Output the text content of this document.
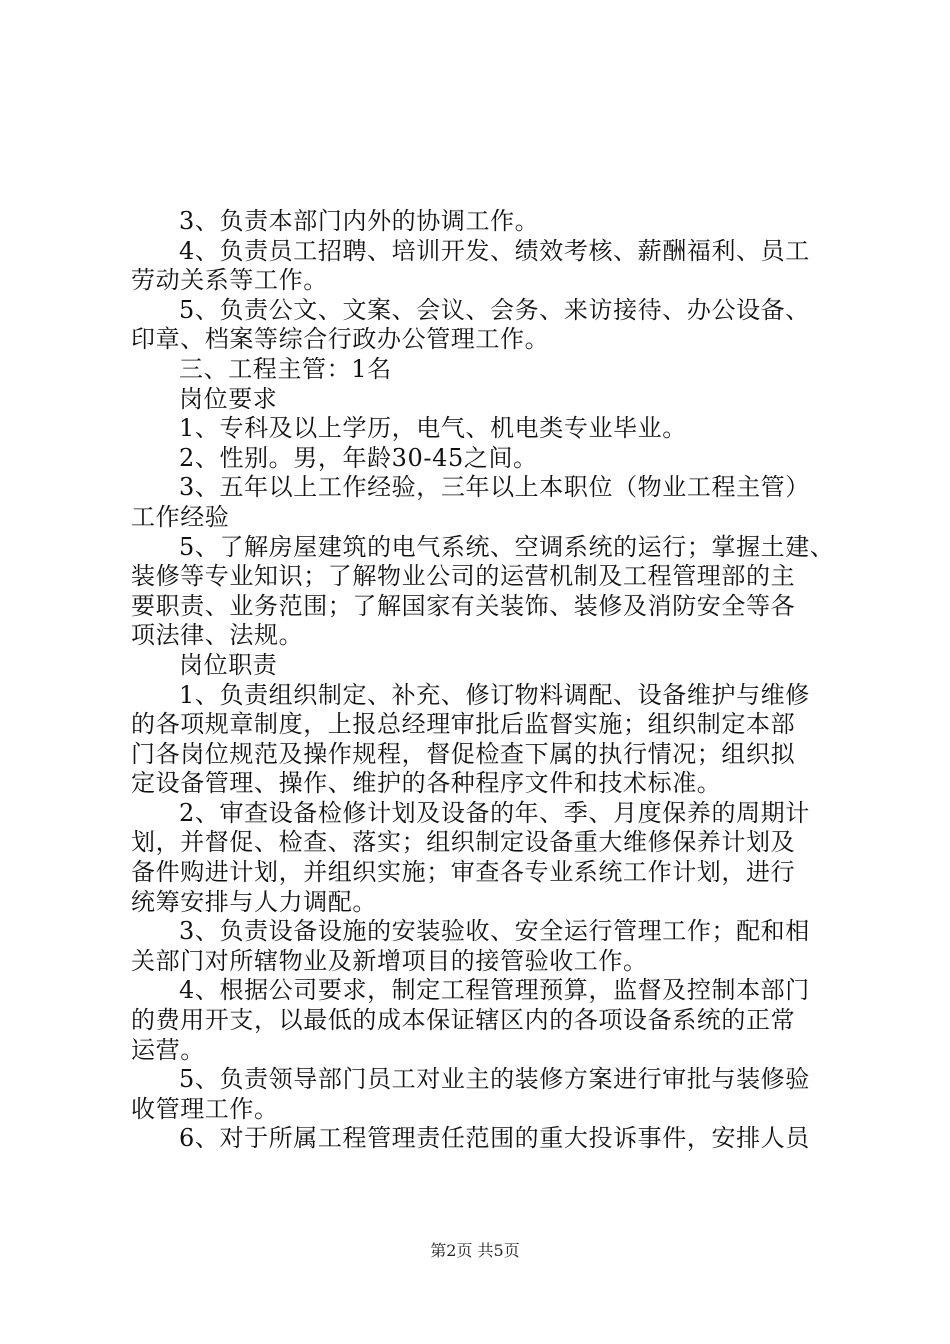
3、负责本部门内外的协调工作。
4、负责员工招聘、培训开发、绩效考核、薪酬福利、员工
劳动关系等工作。
5、负责公文、文案、会议、会务、来访接待、办公设备、
印章、档案等综合行政办公管理工作。
三、工程主管：1名
岗位要求
1、专科及以上学历，电气、机电类专业毕业。
2、性别。男，年龄30-45之间。
3、五年以上工作经验，三年以上本职位（物业工程主管）
工作经验
5、了解房屋建筑的电气系统、空调系统的运行；掌握土建、
装修等专业知识；了解物业公司的运营机制及工程管理部的主
要职责、业务范围；了解国家有关装饰、装修及消防安全等各
项法律、法规。
岗位职责
1、负责组织制定、补充、修订物料调配、设备维护与维修
的各项规章制度，上报总经理审批后监督实施；组织制定本部
门各岗位规范及操作规程，督促检查下属的执行情况；组织拟
定设备管理、操作、维护的各种程序文件和技术标准。
2、审查设备检修计划及设备的年、季、月度保养的周期计
划，并督促、检查、落实；组织制定设备重大维修保养计划及
备件购进计划，并组织实施；审查各专业系统工作计划，进行
统筹安排与人力调配。
3、负责设备设施的安装验收、安全运行管理工作；配和相
关部门对所辖物业及新增项目的接管验收工作。
4、根据公司要求，制定工程管理预算，监督及控制本部门
的费用开支，以最低的成本保证辖区内的各项设备系统的正常
运营。
5、负责领导部门员工对业主的装修方案进行审批与装修验
收管理工作。
6、对于所属工程管理责任范围的重大投诉事件，安排人员
第2页 共5页
